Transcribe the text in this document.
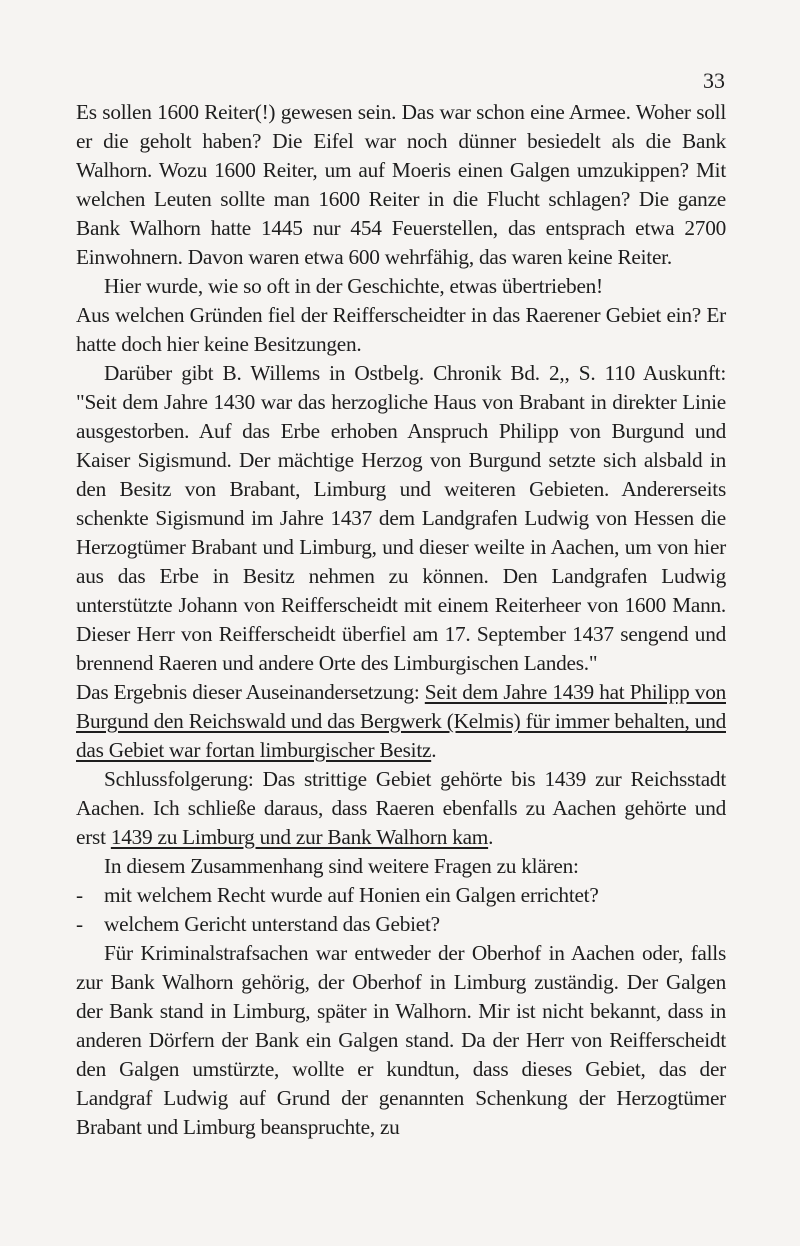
33

Es sollen 1600 Reiter(!) gewesen sein. Das war schon eine Armee. Woher soll er die geholt haben? Die Eifel war noch dünner besiedelt als die Bank Walhorn. Wozu 1600 Reiter, um auf Moeris einen Galgen umzukippen? Mit welchen Leuten sollte man 1600 Reiter in die Flucht schlagen? Die ganze Bank Walhorn hatte 1445 nur 454 Feuerstellen, das entsprach etwa 2700 Einwohnern. Davon waren etwa 600 wehrfähig, das waren keine Reiter.

Hier wurde, wie so oft in der Geschichte, etwas übertrieben!

Aus welchen Gründen fiel der Reifferscheidter in das Raerener Gebiet ein? Er hatte doch hier keine Besitzungen.

Darüber gibt B. Willems in Ostbelg. Chronik Bd. 2,, S. 110 Auskunft: "Seit dem Jahre 1430 war das herzogliche Haus von Brabant in direkter Linie ausgestorben. Auf das Erbe erhoben Anspruch Philipp von Burgund und Kaiser Sigismund. Der mächtige Herzog von Burgund setzte sich alsbald in den Besitz von Brabant, Limburg und weiteren Gebieten. Andererseits schenkte Sigismund im Jahre 1437 dem Landgrafen Ludwig von Hessen die Herzogtümer Brabant und Limburg, und dieser weilte in Aachen, um von hier aus das Erbe in Besitz nehmen zu können. Den Landgrafen Ludwig unterstützte Johann von Reifferscheidt mit einem Reiterheer von 1600 Mann. Dieser Herr von Reifferscheidt überfiel am 17. September 1437 sengend und brennend Raeren und andere Orte des Limburgischen Landes."

Das Ergebnis dieser Auseinandersetzung: Seit dem Jahre 1439 hat Philipp von Burgund den Reichswald und das Bergwerk (Kelmis) für immer behalten, und das Gebiet war fortan limburgischer Besitz.

Schlussfolgerung: Das strittige Gebiet gehörte bis 1439 zur Reichsstadt Aachen. Ich schließe daraus, dass Raeren ebenfalls zu Aachen gehörte und erst 1439 zu Limburg und zur Bank Walhorn kam.

In diesem Zusammenhang sind weitere Fragen zu klären:

- mit welchem Recht wurde auf Honien ein Galgen errichtet?
- welchem Gericht unterstand das Gebiet?

Für Kriminalstrafsachen war entweder der Oberhof in Aachen oder, falls zur Bank Walhorn gehörig, der Oberhof in Limburg zuständig. Der Galgen der Bank stand in Limburg, später in Walhorn. Mir ist nicht bekannt, dass in anderen Dörfern der Bank ein Galgen stand. Da der Herr von Reifferscheidt den Galgen umstürzte, wollte er kundtun, dass dieses Gebiet, das der Landgraf Ludwig auf Grund der genannten Schenkung der Herzogtümer Brabant und Limburg beanspruchte, zu
